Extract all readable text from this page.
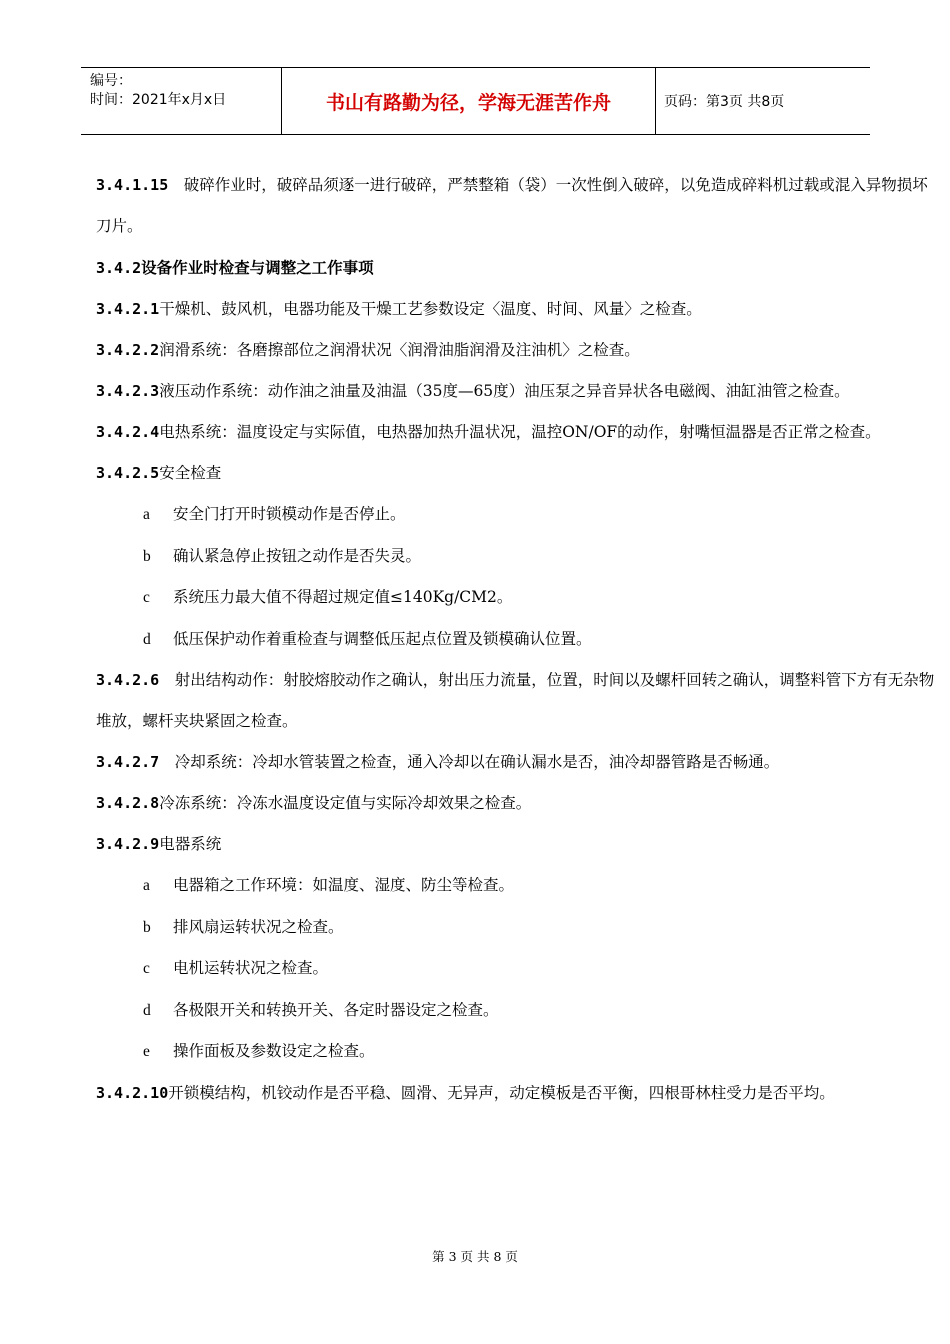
编号：
时间：2021年x月x日	书山有路勤为径，学海无涯苦作舟	页码：第3页 共8页

3.4.1.15　破碎作业时，破碎品须逐一进行破碎，严禁整箱（袋）一次性倒入破碎，以免造成碎料机过载或混入异物损坏刀片。

3.4.2设备作业时检查与调整之工作事项

3.4.2.1干燥机、鼓风机，电器功能及干燥工艺参数设定〈温度、时间、风量〉之检查。

3.4.2.2润滑系统：各磨擦部位之润滑状况〈润滑油脂润滑及注油机〉之检查。

3.4.2.3液压动作系统：动作油之油量及油温（35度—65度）油压泵之异音异状各电磁阀、油缸油管之检查。

3.4.2.4电热系统：温度设定与实际值，电热器加热升温状况，温控ON/OF的动作，射嘴恒温器是否正常之检查。

3.4.2.5安全检查

a	安全门打开时锁模动作是否停止。
b	确认紧急停止按钮之动作是否失灵。
c	系统压力最大值不得超过规定值≤140Kg/CM2。
d	低压保护动作着重检查与调整低压起点位置及锁模确认位置。

3.4.2.6　射出结构动作：射胶熔胶动作之确认，射出压力流量，位置，时间以及螺杆回转之确认，调整料管下方有无杂物堆放，螺杆夹块紧固之检查。

3.4.2.7　冷却系统：冷却水管装置之检查，通入冷却以在确认漏水是否，油冷却器管路是否畅通。

3.4.2.8冷冻系统：冷冻水温度设定值与实际冷却效果之检查。

3.4.2.9电器系统

a	电器箱之工作环境：如温度、湿度、防尘等检查。
b	排风扇运转状况之检查。
c	电机运转状况之检查。
d	各极限开关和转换开关、各定时器设定之检查。
e	操作面板及参数设定之检查。

3.4.2.10开锁模结构，机铰动作是否平稳、圆滑、无异声，动定模板是否平衡，四根哥林柱受力是否平均。

第 3 页 共 8 页
